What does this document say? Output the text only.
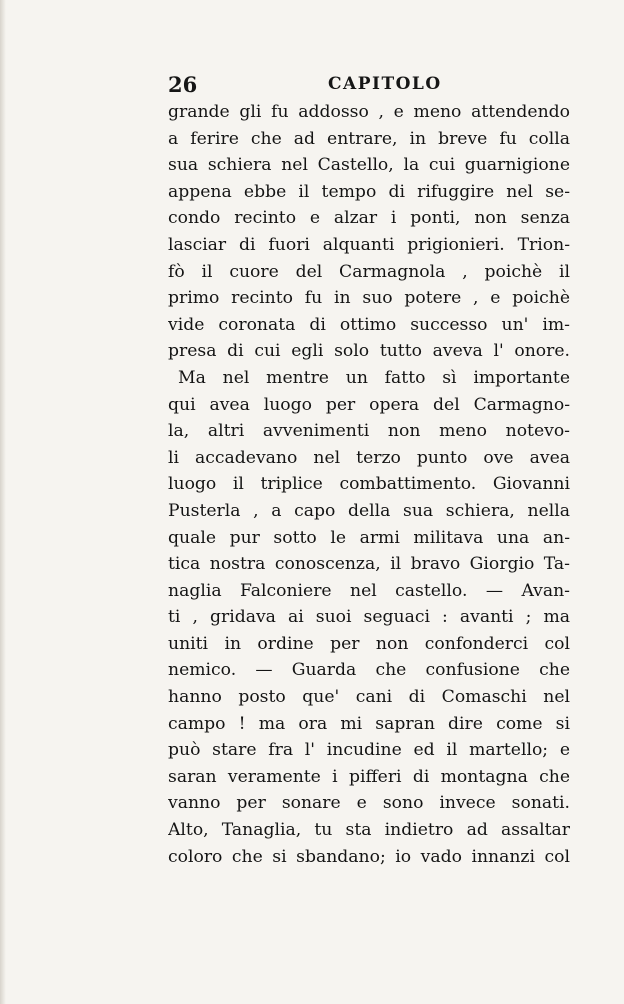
26	CAPITOLO
grande gli fu addosso , e meno attendendo
a ferire che ad entrare, in breve fu colla
sua schiera nel Castello, la cui guarnigione
appena ebbe il tempo di rifuggire nel se-
condo recinto e alzar i ponti, non senza
lasciar di fuori alquanti prigionieri. Trion-
fò il cuore del Carmagnola , poichè il
primo recinto fu in suo potere , e poichè
vide coronata di ottimo successo un' im-
presa di cui egli solo tutto aveva l' onore.
Ma nel mentre un fatto sì importante
qui avea luogo per opera del Carmagno-
la, altri avvenimenti non meno notevo-
li accadevano nel terzo punto ove avea
luogo il triplice combattimento. Giovanni
Pusterla , a capo della sua schiera, nella
quale pur sotto le armi militava una an-
tica nostra conoscenza, il bravo Giorgio Ta-
naglia Falconiere nel castello. — Avan-
ti , gridava ai suoi seguaci : avanti ; ma
uniti in ordine per non confonderci col
nemico. — Guarda che confusione che
hanno posto que' cani di Comaschi nel
campo ! ma ora mi sapran dire come si
può stare fra l' incudine ed il martello; e
saran veramente i pifferi di montagna che
vanno per sonare e sono invece sonati.
Alto, Tanaglia, tu sta indietro ad assaltar
coloro che si sbandano; io vado innanzi col
